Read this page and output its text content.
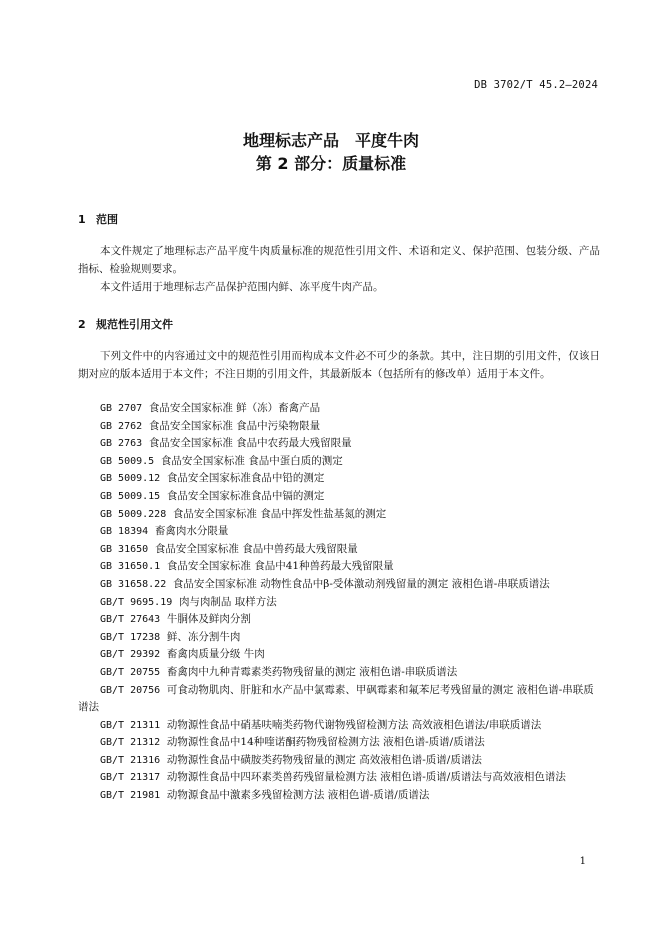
DB 3702/T 45.2—2024
地理标志产品　平度牛肉
第 2 部分：质量标准
1 范围

本文件规定了地理标志产品平度牛肉质量标准的规范性引用文件、术语和定义、保护范围、包装分级、产品指标、检验规则要求。

本文件适用于地理标志产品保护范围内鲜、冻平度牛肉产品。

2 规范性引用文件

下列文件中的内容通过文中的规范性引用而构成本文件必不可少的条款。其中，注日期的引用文件，仅该日期对应的版本适用于本文件；不注日期的引用文件，其最新版本（包括所有的修改单）适用于本文件。

GB 2707 食品安全国家标准 鲜（冻）畜禽产品
GB 2762 食品安全国家标准 食品中污染物限量
GB 2763 食品安全国家标准 食品中农药最大残留限量
GB 5009.5 食品安全国家标准 食品中蛋白质的测定
GB 5009.12 食品安全国家标准食品中铅的测定
GB 5009.15 食品安全国家标准食品中镉的测定
GB 5009.228 食品安全国家标准 食品中挥发性盐基氮的测定
GB 18394 畜禽肉水分限量
GB 31650 食品安全国家标准 食品中兽药最大残留限量
GB 31650.1 食品安全国家标准 食品中41种兽药最大残留限量
GB 31658.22 食品安全国家标准 动物性食品中β-受体激动剂残留量的测定 液相色谱-串联质谱法
GB/T 9695.19 肉与肉制品 取样方法
GB/T 27643 牛胴体及鲜肉分割
GB/T 17238 鲜、冻分割牛肉
GB/T 29392 畜禽肉质量分级 牛肉
GB/T 20755 畜禽肉中九种青霉素类药物残留量的测定 液相色谱-串联质谱法
GB/T 20756 可食动物肌肉、肝脏和水产品中氯霉素、甲砜霉素和氟苯尼考残留量的测定 液相色谱-串联质谱法
GB/T 21311 动物源性食品中硝基呋喃类药物代谢物残留检测方法 高效液相色谱法/串联质谱法
GB/T 21312 动物源性食品中14种喹诺酮药物残留检测方法 液相色谱-质谱/质谱法
GB/T 21316 动物源性食品中磺胺类药物残留量的测定 高效液相色谱-质谱/质谱法
GB/T 21317 动物源性食品中四环素类兽药残留量检测方法 液相色谱-质谱/质谱法与高效液相色谱法
GB/T 21981 动物源食品中激素多残留检测方法 液相色谱-质谱/质谱法
1
